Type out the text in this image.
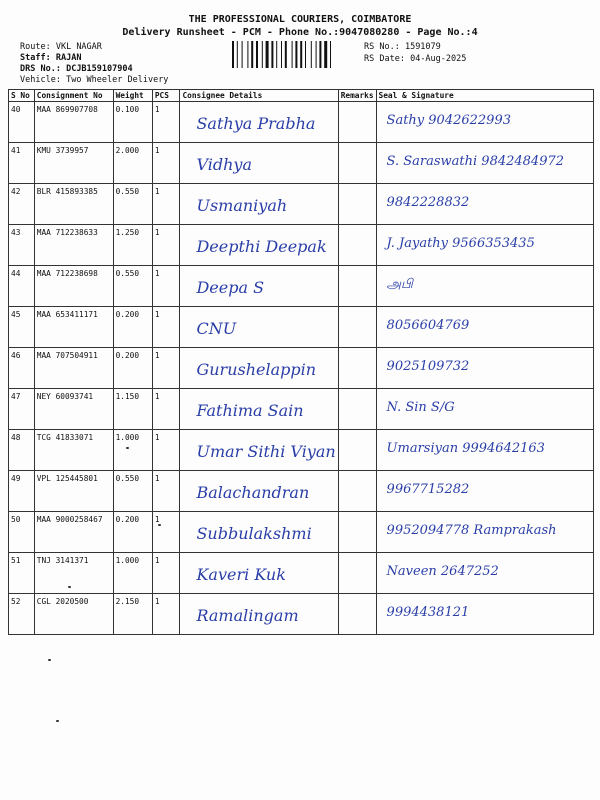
THE PROFESSIONAL COURIERS, COIMBATORE
Delivery Runsheet - PCM - Phone No.:9047080280 - Page No.:4
Route: VKL NAGAR
Staff: RAJAN
DRS No.: DCJB159107904
Vehicle: Two Wheeler Delivery
RS No.: 1591079
RS Date: 04-Aug-2025
S No	Consignment No	Weight	PCS	Consignee Details	Remarks	Seal & Signature
40	MAA 869907708	0.100	1	Sathya Prabha		Sathy 9042622993

41	KMU 3739957	2.000	1	Vidhya		S. Saraswathi 9842484972

42	BLR 415893385	0.550	1	Usmaniyah		9842228832

43	MAA 712238633	1.250	1	Deepthi Deepak		J. Jayathy 9566353435

44	MAA 712238698	0.550	1	Deepa S		அபி

45	MAA 653411171	0.200	1	CNU		8056604769

46	MAA 707504911	0.200	1	Gurushelappin		9025109732

47	NEY 60093741	1.150	1	Fathima Sain		N. Sin S/G

48	TCG 41833071	1.000	1	Umar Sithi Viyan		Umarsiyan 9994642163

49	VPL 125445801	0.550	1	Balachandran		9967715282

50	MAA 9000258467	0.200	1	Subbulakshmi		9952094778 Ramprakash

51	TNJ 3141371	1.000	1	Kaveri Kuk		Naveen 2647252

52	CGL 2020500	2.150	1	Ramalingam		9994438121
